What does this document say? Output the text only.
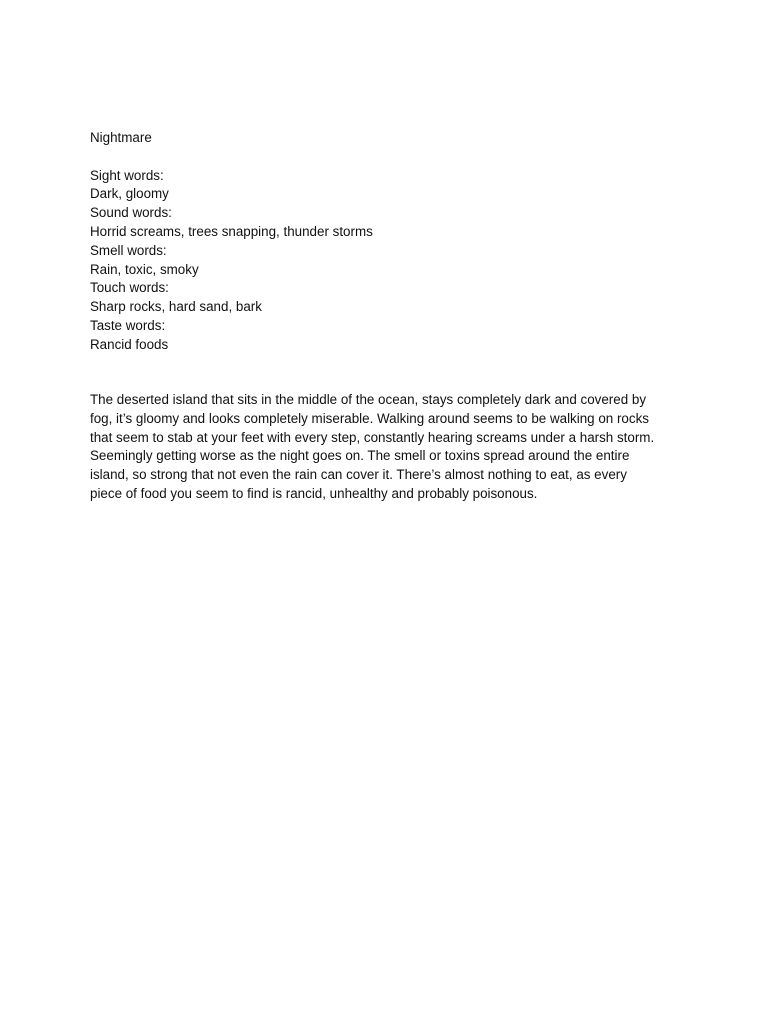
Nightmare
Sight words:
Dark, gloomy
Sound words:
Horrid screams, trees snapping, thunder storms
Smell words:
Rain, toxic, smoky
Touch words:
Sharp rocks, hard sand, bark
Taste words:
Rancid foods

The deserted island that sits in the middle of the ocean, stays completely dark and covered by
fog, it’s gloomy and looks completely miserable. Walking around seems to be walking on rocks
that seem to stab at your feet with every step, constantly hearing screams under a harsh storm.
Seemingly getting worse as the night goes on. The smell or toxins spread around the entire
island, so strong that not even the rain can cover it. There’s almost nothing to eat, as every
piece of food you seem to find is rancid, unhealthy and probably poisonous.
